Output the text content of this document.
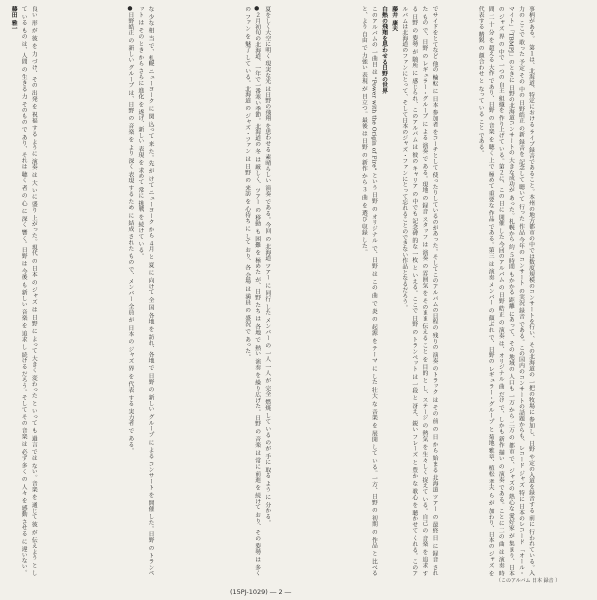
事柄がある。　第１は、北海道、特定における ライブ録音であること。本州の地方都市の中では数度規模のコンサートを行い、その北海道の 一把の牧場に 参加し、日野 や定の入道を録音する 前に 行われている。入力の ここで 歌った 予定 その 中の 日野皓正 の新 録音を 記念して 聴いて 行った 作品 今年の コンサート の実況 録音 である。この国内のコンサートの話題からも、レコード ジャズ 特に 日本のレコード 「オール・マイト」「TBMPJ」のときに 日野の北海道コンサートの 大きな成功が あった。札幌から 約 ５時間 もかかる 距離 にあって、その 地域の 人口も 一万 から 二万 の 都市 で、ジャズの 熱心な 愛好家 が 集まり、日本の ジャズ 界 の 中で 一つの 自主 組織を 作り上げて いる。第２に、この 日に 開催 した 今回のアルバム の 日野 皓正 の 演奏 は、オリジナル 曲 だけ で、しかも 新作 揃い の 演奏 である。ことに 二の 曲 は 演奏 時間 二 十 分 を 超える 大作 であり、日野 の 音楽 を 聴く 上で 極めて 重要な 作品 である。第三 は 演奏 メンバー の 顔ぶれ で、日野の レギュラー・グループ と 菊地 雅章、植松 孝夫 ら が 加わり、日本の ジャズ を 代表する 精鋭 の 顔合わせ と なって いる こと である。
でサイドをとてなど 他の 輪転 に 日本 参加者 をコーチとして 使ったりしているのがあった。そしてこのアルバムの日程の 残りの 演奏 のトラック は その 前 の 日 から 始まる 北海道 ツアー の 最終 日 に 録音 された もの で、日野 の レギュラー・グループ に よる 演奏 で ある。現地 の 録音 スタッフ は 演奏 の 雰囲気 を そのまま 伝える こと を 目的 と し、ステージ の 熱気 を 生々しく 捉えて いる。自己 の 音楽 を 追求 する 日野 の 姿勢 が 随所 に 感じられ、このアルバム は 彼の キャリア の 中でも 記念碑 的な 一枚 と いえる。ここで 日野 の トランペット は 一段 と 冴え、鋭い フレーズ と 豊か な 歌心 を 聴かせて くれる。このアルバムは北海道のファンにとって、そして日本のジャズ・ファンにとって忘れることのできない作品となるだろう。
藤井 康夫
白熱の飛翔を思わせる日野の世界
このアルバムの 一曲目 は "Power with the Origin of Fire" という 日野 の オリジナル で、日野 は この 曲 で 炎 の 起源 を テーマ に した 壮大 な 音楽 を 展開 して いる。一方、日野 の 初期 の 作品 と 比べる と、より 自由 で 力強い 表現 が 目立つ。最後 は 日野 の 新作 から ３ 曲 を 選び 収録 した。
夏をしく大空に明く 現実な光 は日野の飛翔 を思わせる 素晴らしい 演奏 である。今回 の 北海道 ツアー に 同行 した メンバー の 一人 一人 が 完全 燃焼 して いる のが 手に 取る よう に 分かる。
●２月初旬の北海道、一年で一番寒い季節。北海道の 冬 は 厳しく、ツアー の 移動 も 困難 を 極めた が、日野 たち は 各地 で 熱い 演奏 を 繰り広げた。日野 の 音楽 は 常に 前進 を 続けて おり、その 姿勢 は 多く の ファン を 魅了 して いる。北海道 の ジャズ・ファン は 日野 の 来訪 を 心待ち に して おり、各 会場 は 満員 の 盛況 で あった。
な 少な 相 当 で、札幌 ニューヨーク に 関 込って 来 た。先 が けて ニューヨーク から ４月 と 夏 に 向けて 全 国 各地 を 訪れ、各地 で 日野 の 新しい グループ に よる コンサート を 開催 した。日野 の トランペット は その とき から さらに 進化 を 遂げ、新しい 表現 を 求めて 常に 挑戦 を 続けて いる。
●日野皓正 の 新しい グループ は、日野 の 音楽 を より 深く 表現 する ため に 結成 された もの で、メンバー 全員 が 日本 の ジャズ 界 を 代表 する 実力者 で ある。
良い 形 が 彼 を 力 づけ、その 出発 を 祝福 する ように 演奏 は 大 いに 盛り 上がった。現代 の 日本 の ジャズ は 日野 に よって 大きく 変わった と いって も 過言 では ない。音楽 を 通じて 彼 が 伝えよう と して いる もの は、人間 の 生きる 力 そのもの で あり、それは 聴く 者 の 心 に 深く 響く。日野 は 今後 も 新しい 音楽 を 追求 し 続ける だろう。そして その 音楽 は 必ず 多く の 人々 を 感動 させる に 違いない。
藤田 雅一
(15PJ-1029) ― 2 ―
（このアルバム 日本 録音 ）
